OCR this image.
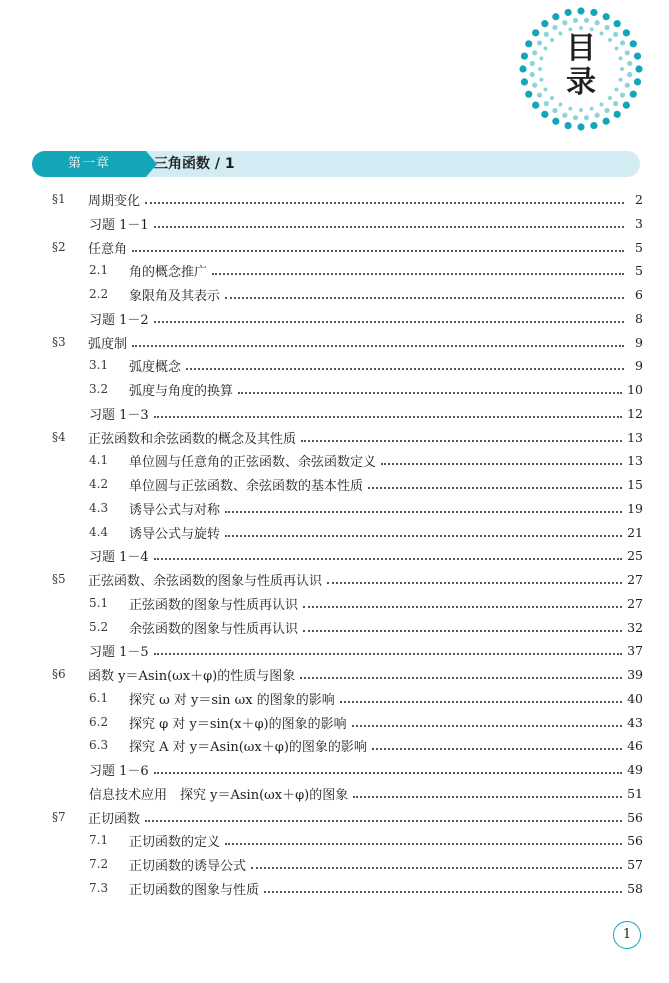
目
录
第一章	三角函数 / 1
§1	周期变化	2
习题 1－1	3
§2	任意角	5
2.1	角的概念推广	5
2.2	象限角及其表示	6
习题 1－2	8
§3	弧度制	9
3.1	弧度概念	9
3.2	弧度与角度的换算	10
习题 1－3	12
§4	正弦函数和余弦函数的概念及其性质	13
4.1	单位圆与任意角的正弦函数、余弦函数定义	13
4.2	单位圆与正弦函数、余弦函数的基本性质	15
4.3	诱导公式与对称	19
4.4	诱导公式与旋转	21
习题 1－4	25
§5	正弦函数、余弦函数的图象与性质再认识	27
5.1	正弦函数的图象与性质再认识	27
5.2	余弦函数的图象与性质再认识	32
习题 1－5	37
§6	函数 y＝Asin(ωx＋φ)的性质与图象	39
6.1	探究 ω 对 y＝sin ωx 的图象的影响	40
6.2	探究 φ 对 y＝sin(x＋φ)的图象的影响	43
6.3	探究 A 对 y＝Asin(ωx＋φ)的图象的影响	46
习题 1－6	49
信息技术应用　探究 y＝Asin(ωx＋φ)的图象	51
§7	正切函数	56
7.1	正切函数的定义	56
7.2	正切函数的诱导公式	57
7.3	正切函数的图象与性质	58
1
